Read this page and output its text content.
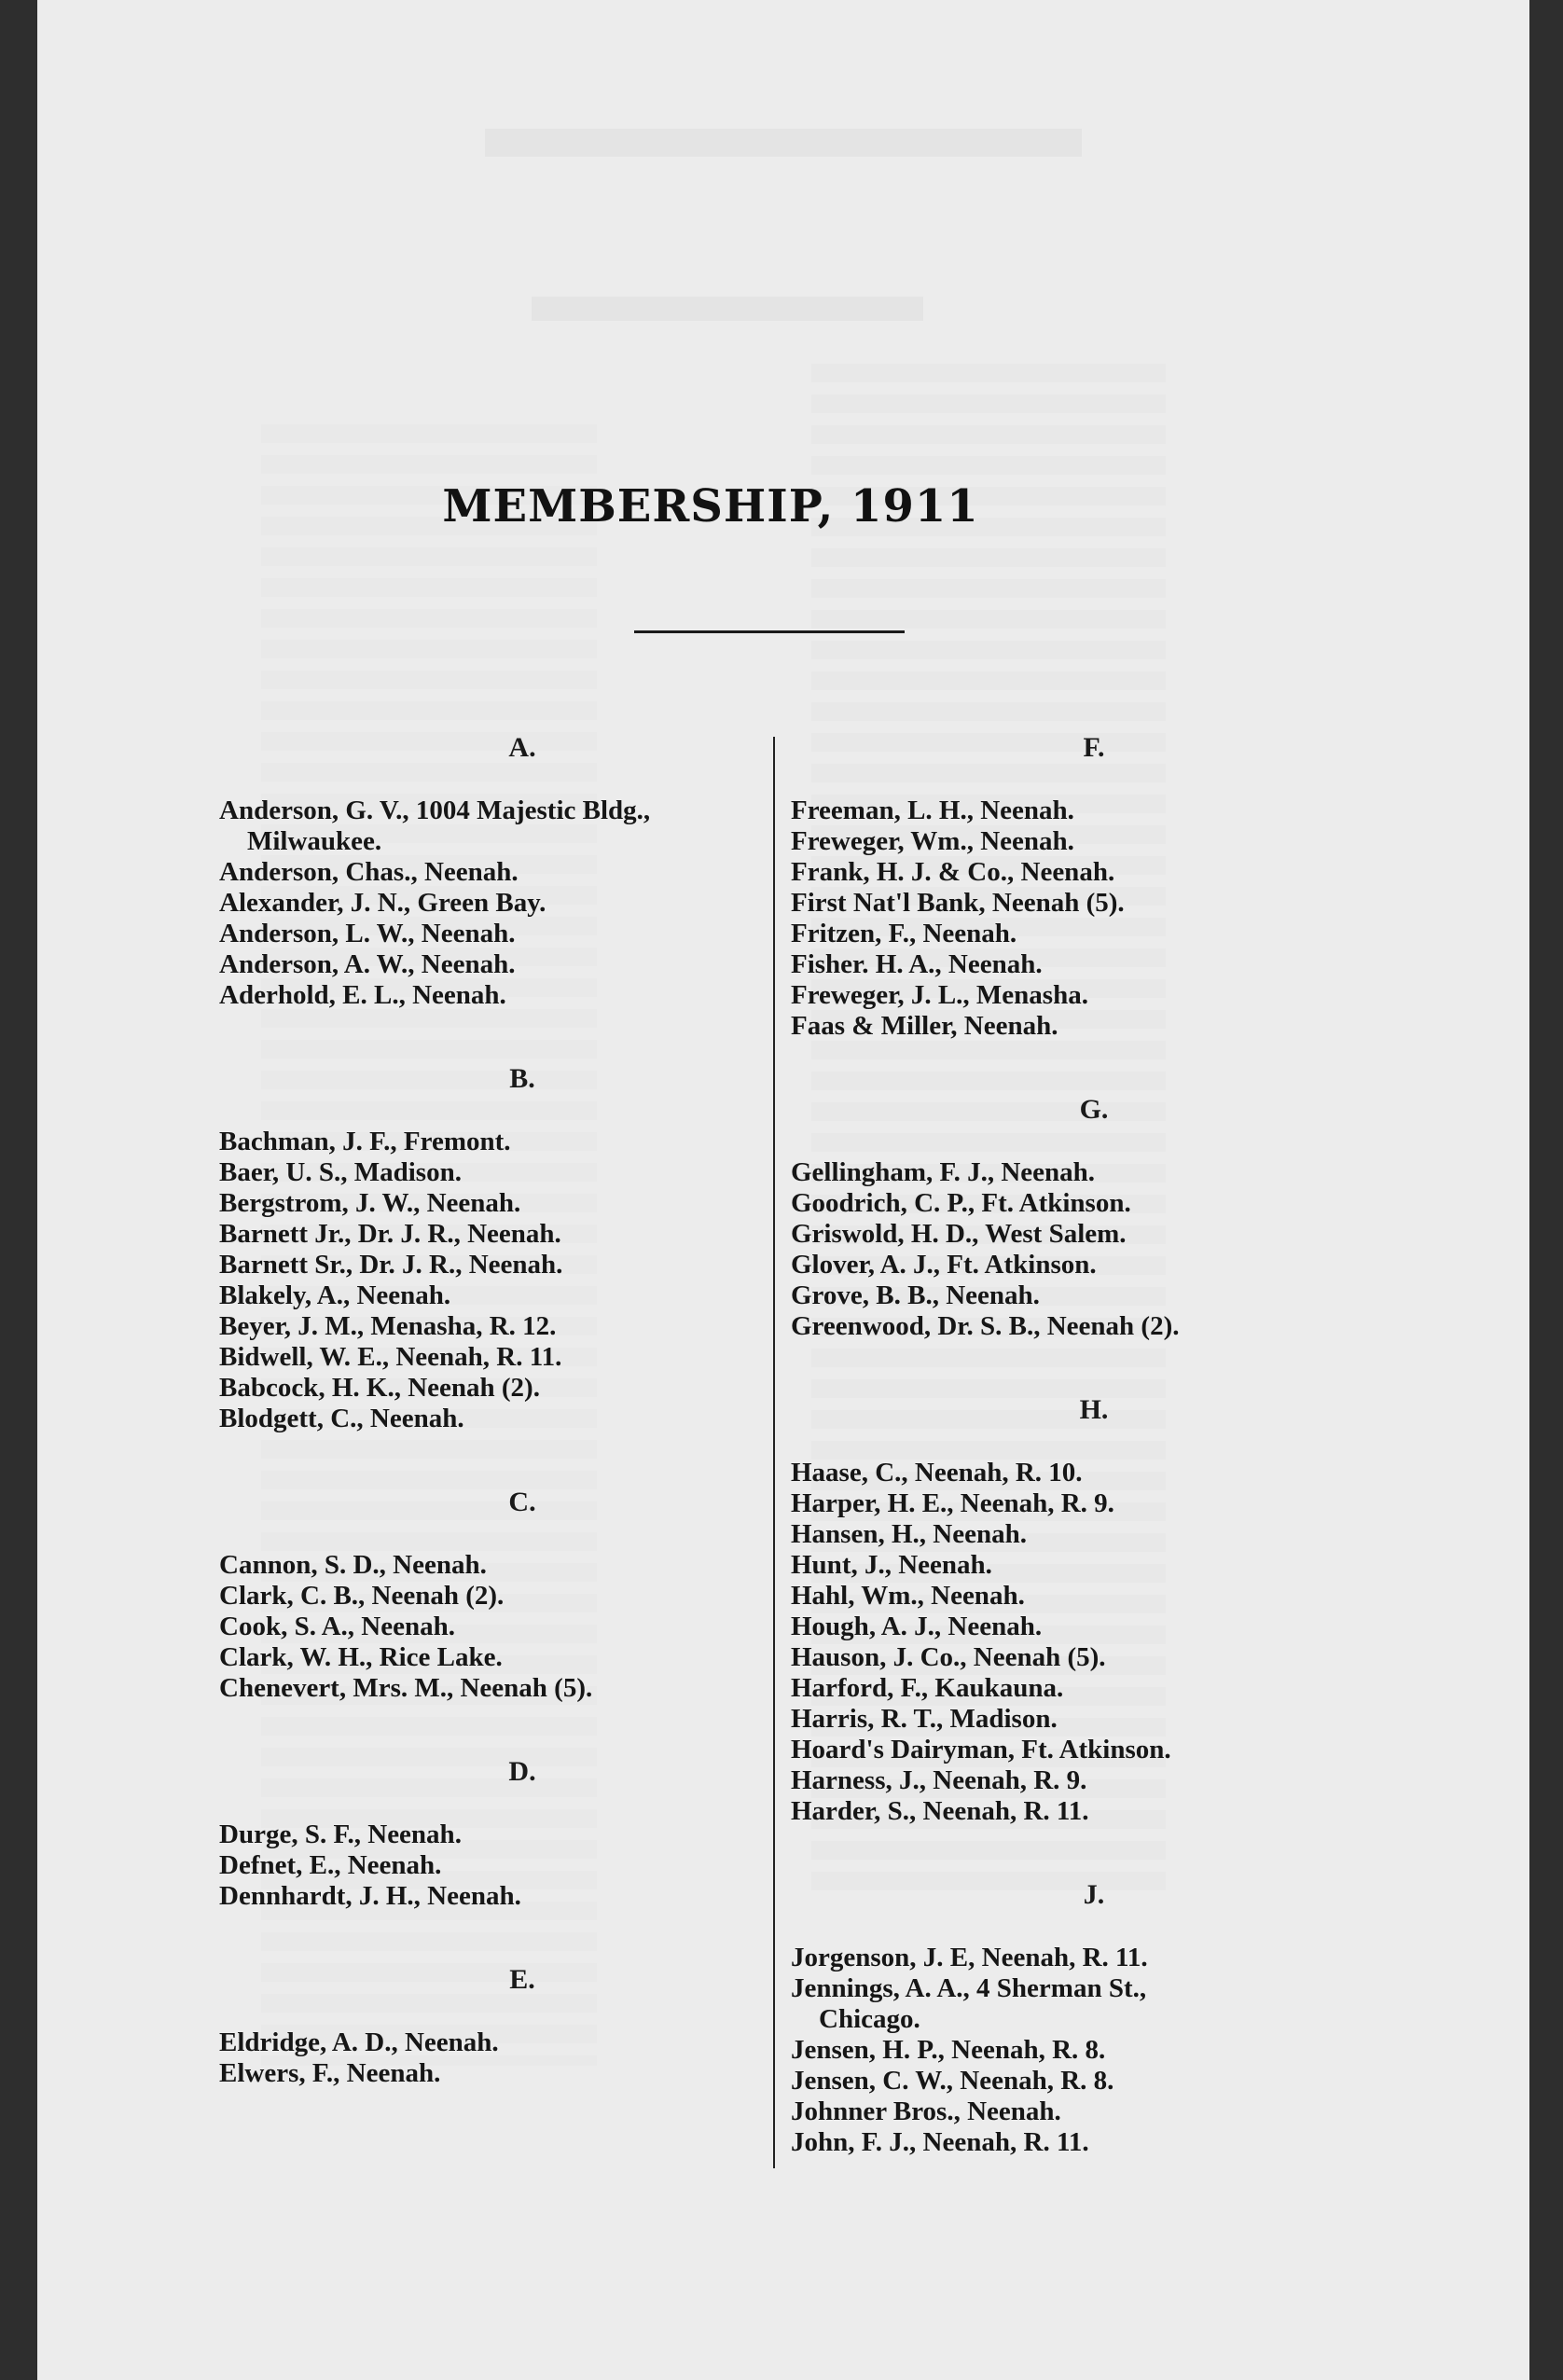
MEMBERSHIP, 1911
A.
Anderson, G. V., 1004 Majestic Bldg.,
Milwaukee.
Anderson, Chas., Neenah.
Alexander, J. N., Green Bay.
Anderson, L. W., Neenah.
Anderson, A. W., Neenah.
Aderhold, E. L., Neenah.
B.
Bachman, J. F., Fremont.
Baer, U. S., Madison.
Bergstrom, J. W., Neenah.
Barnett Jr., Dr. J. R., Neenah.
Barnett Sr., Dr. J. R., Neenah.
Blakely, A., Neenah.
Beyer, J. M., Menasha, R. 12.
Bidwell, W. E., Neenah, R. 11.
Babcock, H. K., Neenah (2).
Blodgett, C., Neenah.
C.
Cannon, S. D., Neenah.
Clark, C. B., Neenah (2).
Cook, S. A., Neenah.
Clark, W. H., Rice Lake.
Chenevert, Mrs. M., Neenah (5).
D.
Durge, S. F., Neenah.
Defnet, E., Neenah.
Dennhardt, J. H., Neenah.
E.
Eldridge, A. D., Neenah.
Elwers, F., Neenah.
F.
Freeman, L. H., Neenah.
Freweger, Wm., Neenah.
Frank, H. J. & Co., Neenah.
First Nat'l Bank, Neenah (5).
Fritzen, F., Neenah.
Fisher. H. A., Neenah.
Freweger, J. L., Menasha.
Faas & Miller, Neenah.
G.
Gellingham, F. J., Neenah.
Goodrich, C. P., Ft. Atkinson.
Griswold, H. D., West Salem.
Glover, A. J., Ft. Atkinson.
Grove, B. B., Neenah.
Greenwood, Dr. S. B., Neenah (2).
H.
Haase, C., Neenah, R. 10.
Harper, H. E., Neenah, R. 9.
Hansen, H., Neenah.
Hunt, J., Neenah.
Hahl, Wm., Neenah.
Hough, A. J., Neenah.
Hauson, J. Co., Neenah (5).
Harford, F., Kaukauna.
Harris, R. T., Madison.
Hoard's Dairyman, Ft. Atkinson.
Harness, J., Neenah, R. 9.
Harder, S., Neenah, R. 11.
J.
Jorgenson, J. E, Neenah, R. 11.
Jennings, A. A., 4 Sherman St.,
Chicago.
Jensen, H. P., Neenah, R. 8.
Jensen, C. W., Neenah, R. 8.
Johnner Bros., Neenah.
John, F. J., Neenah, R. 11.
